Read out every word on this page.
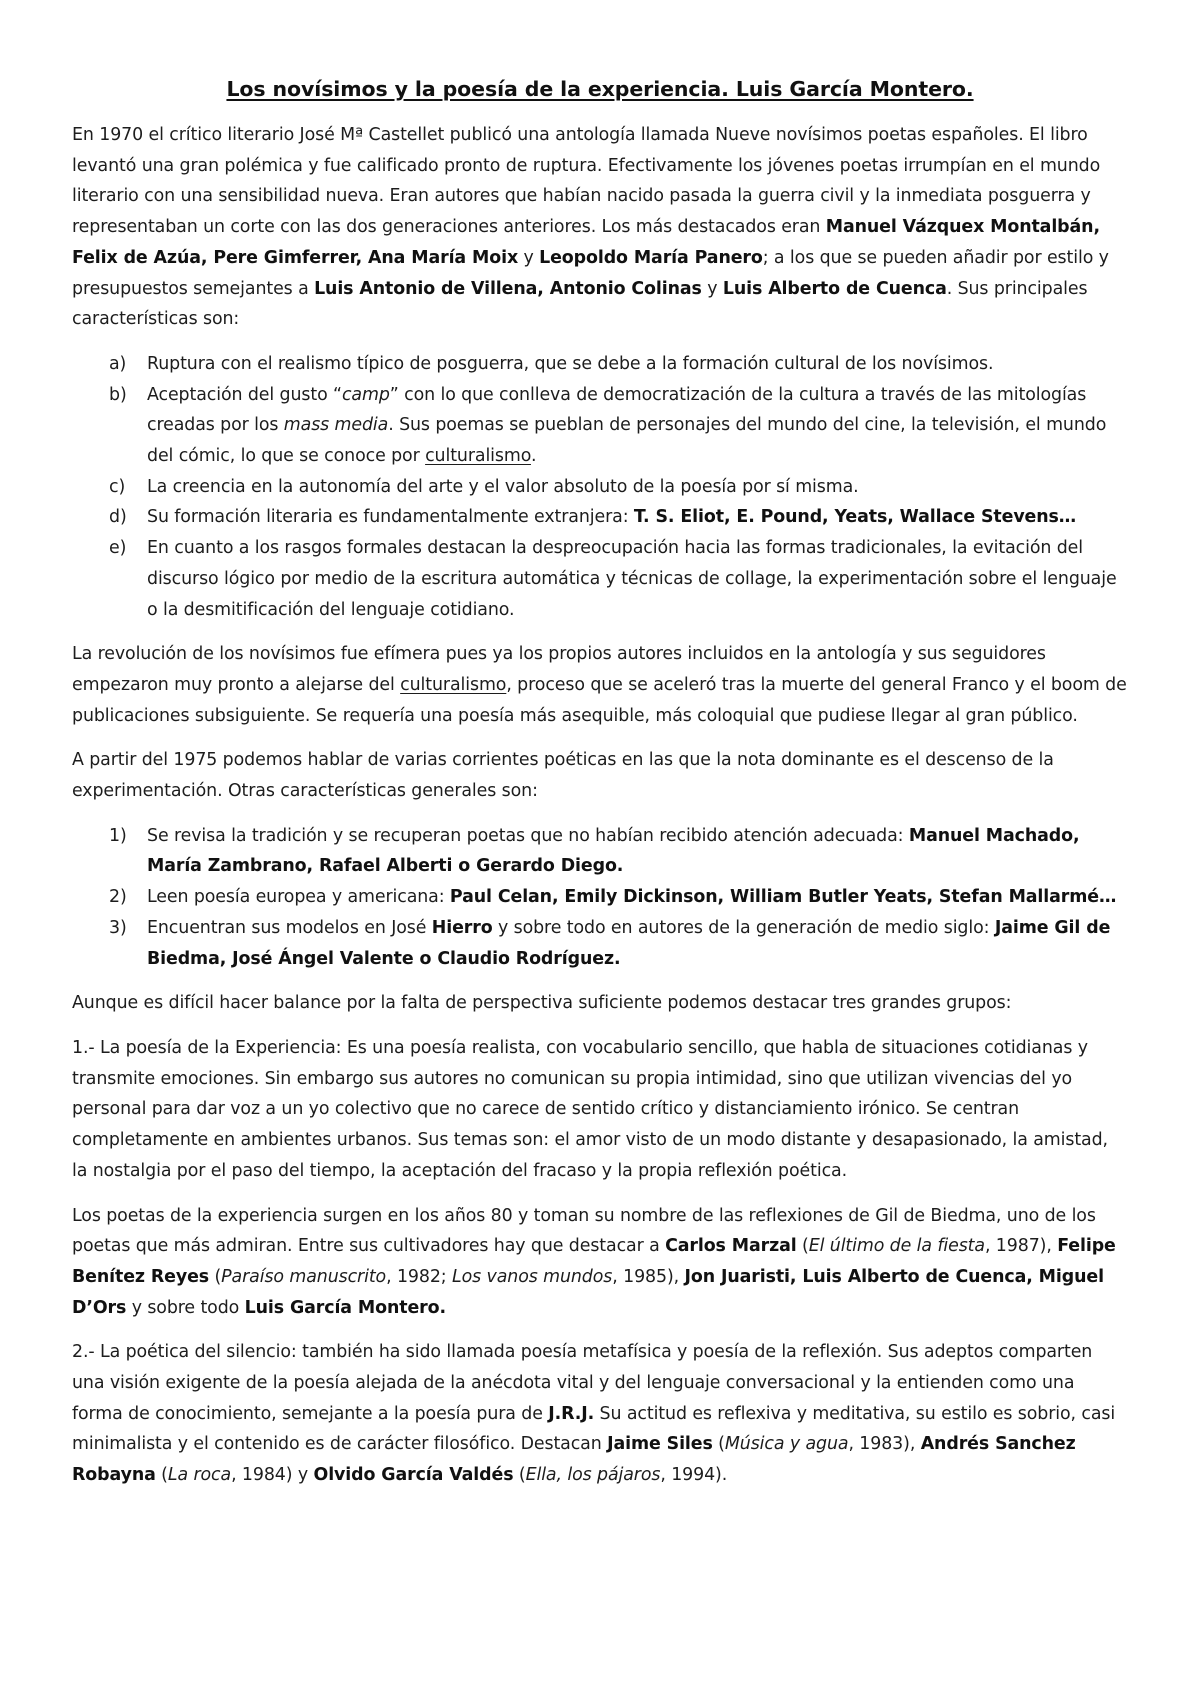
Los novísimos y la poesía de la experiencia. Luis García Montero.

En 1970 el crítico literario José Mª Castellet publicó una antología llamada Nueve novísimos poetas españoles. El libro levantó una gran polémica y fue calificado pronto de ruptura. Efectivamente los jóvenes poetas irrumpían en el mundo literario con una sensibilidad nueva. Eran autores que habían nacido pasada la guerra civil y la inmediata posguerra y representaban un corte con las dos generaciones anteriores. Los más destacados eran Manuel Vázquex Montalbán, Felix de Azúa, Pere Gimferrer, Ana María Moix y Leopoldo María Panero; a los que se pueden añadir por estilo y presupuestos semejantes a Luis Antonio de Villena, Antonio Colinas y Luis Alberto de Cuenca. Sus principales características son:

a) Ruptura con el realismo típico de posguerra, que se debe a la formación cultural de los novísimos.
b) Aceptación del gusto “camp” con lo que conlleva de democratización de la cultura a través de las mitologías creadas por los mass media. Sus poemas se pueblan de personajes del mundo del cine, la televisión, el mundo del cómic, lo que se conoce por culturalismo.
c) La creencia en la autonomía del arte y el valor absoluto de la poesía por sí misma.
d) Su formación literaria es fundamentalmente extranjera: T. S. Eliot, E. Pound, Yeats, Wallace Stevens…
e) En cuanto a los rasgos formales destacan la despreocupación hacia las formas tradicionales, la evitación del discurso lógico por medio de la escritura automática y técnicas de collage, la experimentación sobre el lenguaje o la desmitificación del lenguaje cotidiano.

La revolución de los novísimos fue efímera pues ya los propios autores incluidos en la antología y sus seguidores empezaron muy pronto a alejarse del culturalismo, proceso que se aceleró tras la muerte del general Franco y el boom de publicaciones subsiguiente. Se requería una poesía más asequible, más coloquial que pudiese llegar al gran público.

A partir del 1975 podemos hablar de varias corrientes poéticas en las que la nota dominante es el descenso de la experimentación. Otras características generales son:

1) Se revisa la tradición y se recuperan poetas que no habían recibido atención adecuada: Manuel Machado, María Zambrano, Rafael Alberti o Gerardo Diego.
2) Leen poesía europea y americana: Paul Celan, Emily Dickinson, William Butler Yeats, Stefan Mallarmé…
3) Encuentran sus modelos en José Hierro y sobre todo en autores de la generación de medio siglo: Jaime Gil de Biedma, José Ángel Valente o Claudio Rodríguez.

Aunque es difícil hacer balance por la falta de perspectiva suficiente podemos destacar tres grandes grupos:

1.- La poesía de la Experiencia: Es una poesía realista, con vocabulario sencillo, que habla de situaciones cotidianas y transmite emociones. Sin embargo sus autores no comunican su propia intimidad, sino que utilizan vivencias del yo personal para dar voz a un yo colectivo que no carece de sentido crítico y distanciamiento irónico. Se centran completamente en ambientes urbanos. Sus temas son: el amor visto de un modo distante y desapasionado, la amistad, la nostalgia por el paso del tiempo, la aceptación del fracaso y la propia reflexión poética.

Los poetas de la experiencia surgen en los años 80 y toman su nombre de las reflexiones de Gil de Biedma, uno de los poetas que más admiran. Entre sus cultivadores hay que destacar a Carlos Marzal (El último de la fiesta, 1987), Felipe Benítez Reyes (Paraíso manuscrito, 1982; Los vanos mundos, 1985), Jon Juaristi, Luis Alberto de Cuenca, Miguel D’Ors y sobre todo Luis García Montero.

2.- La poética del silencio: también ha sido llamada poesía metafísica y poesía de la reflexión. Sus adeptos comparten una visión exigente de la poesía alejada de la anécdota vital y del lenguaje conversacional y la entienden como una forma de conocimiento, semejante a la poesía pura de J.R.J. Su actitud es reflexiva y meditativa, su estilo es sobrio, casi minimalista y el contenido es de carácter filosófico. Destacan Jaime Siles (Música y agua, 1983), Andrés Sanchez Robayna (La roca, 1984) y Olvido García Valdés (Ella, los pájaros, 1994).
